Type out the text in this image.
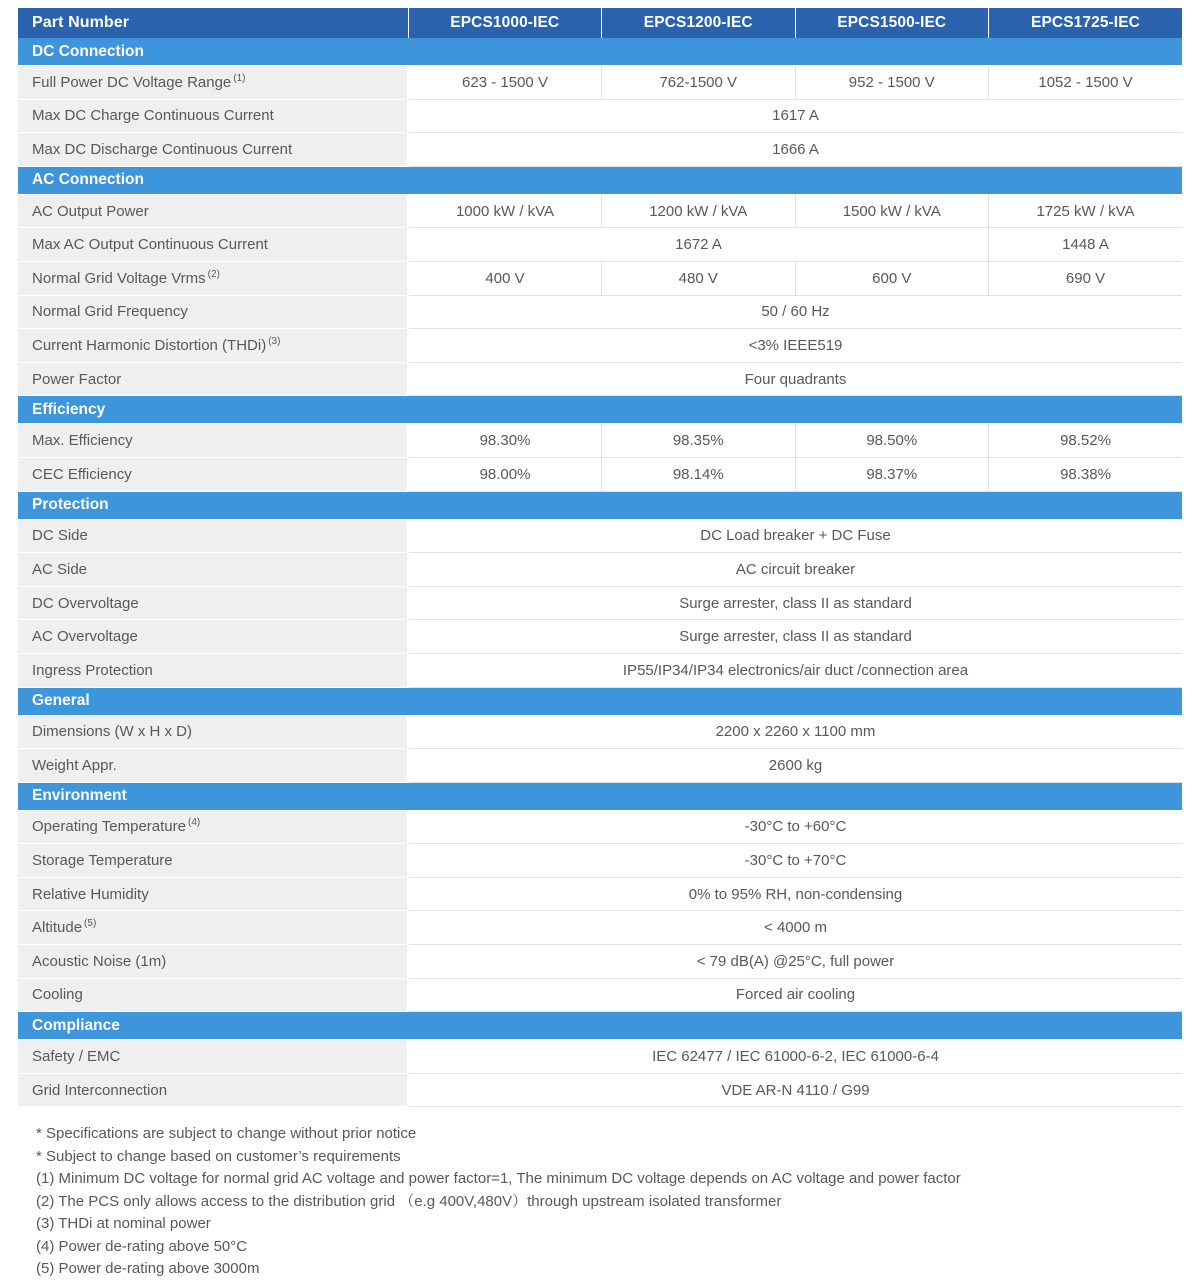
Part Number	EPCS1000-IEC	EPCS1200-IEC	EPCS1500-IEC	EPCS1725-IEC
DC Connection				
Full Power DC Voltage Range $^{(1)}$	623 - 1500 V	762-1500 V	952 - 1500 V	1052 - 1500 V
Max DC Charge Continuous Current	1617 A			
Max DC Discharge Continuous Current	1666 A			
AC Connection				
AC Output Power	1000 kW / kVA	1200 kW / kVA	1500 kW / kVA	1725 kW / kVA
Max AC Output Continuous Current	1672 A			1448 A
Normal Grid Voltage Vrms $^{(2)}$	400 V	480 V	600 V	690 V
Normal Grid Frequency	50 / 60 Hz			
Current Harmonic Distortion (THDi) $^{(3)}$	<3% IEEE519			
Power Factor	Four quadrants			
Efficiency				
Max. Efficiency	98.30%	98.35%	98.50%	98.52%
CEC Efficiency	98.00%	98.14%	98.37%	98.38%
Protection				
DC Side	DC Load breaker + DC Fuse			
AC Side	AC circuit breaker			
DC Overvoltage	Surge arrester, class II as standard			
AC Overvoltage	Surge arrester, class II as standard			
Ingress Protection	IP55/IP34/IP34 electronics/air duct /connection area			
General				
Dimensions (W x H x D)	2200 x 2260 x 1100 mm			
Weight Appr.	2600 kg			
Environment				
Operating Temperature $^{(4)}$	-30°C to +60°C			
Storage Temperature	-30°C to +70°C			
Relative Humidity	0% to 95% RH, non-condensing			
Altitude $^{(5)}$	< 4000 m			
Acoustic Noise (1m)	< 79 dB(A) @25°C, full power			
Cooling	Forced air cooling			
Compliance				
Safety / EMC	IEC 62477 / IEC 61000-6-2, IEC 61000-6-4			
Grid Interconnection	VDE AR-N 4110 / G99			
* Specifications are subject to change without prior notice
* Subject to change based on customer’s requirements
(1) Minimum DC voltage for normal grid AC voltage and power factor=1, The minimum DC voltage depends on AC voltage and power factor
(2) The PCS only allows access to the distribution grid （e.g 400V,480V）through upstream isolated transformer
(3) THDi at nominal power
(4) Power de-rating above 50°C
(5) Power de-rating above 3000m
